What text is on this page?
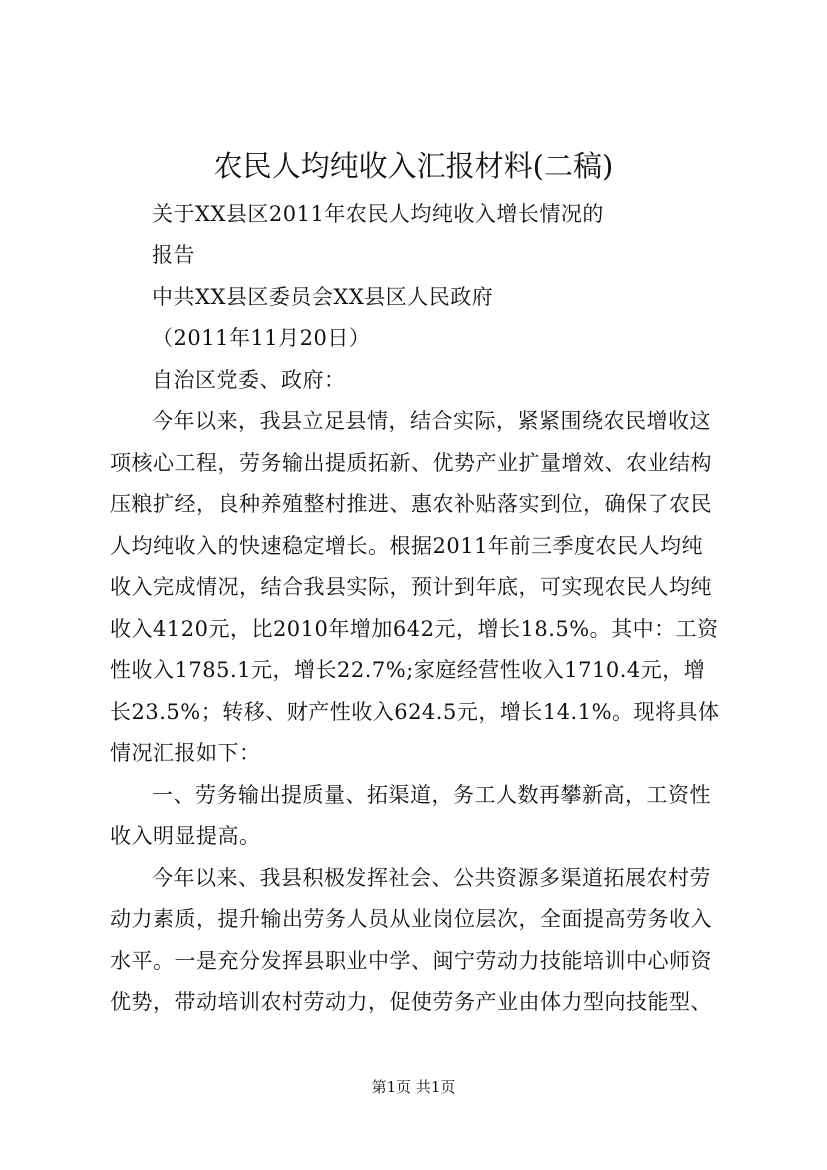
农民人均纯收入汇报材料(二稿)
关于XX县区2011年农民人均纯收入增长情况的
报告
中共XX县区委员会XX县区人民政府
（2011年11月20日）
自治区党委、政府：
今年以来，我县立足县情，结合实际，紧紧围绕农民增收这
项核心工程，劳务输出提质拓新、优势产业扩量增效、农业结构
压粮扩经，良种养殖整村推进、惠农补贴落实到位，确保了农民
人均纯收入的快速稳定增长。根据2011年前三季度农民人均纯
收入完成情况，结合我县实际，预计到年底，可实现农民人均纯
收入4120元，比2010年增加642元，增长18.5%。其中：工资
性收入1785.1元，增长22.7%;家庭经营性收入1710.4元，增
长23.5%；转移、财产性收入624.5元，增长14.1%。现将具体
情况汇报如下：
一、劳务输出提质量、拓渠道，务工人数再攀新高，工资性
收入明显提高。
今年以来、我县积极发挥社会、公共资源多渠道拓展农村劳
动力素质，提升输出劳务人员从业岗位层次，全面提高劳务收入
水平。一是充分发挥县职业中学、闽宁劳动力技能培训中心师资
优势，带动培训农村劳动力，促使劳务产业由体力型向技能型、
第1页 共1页
